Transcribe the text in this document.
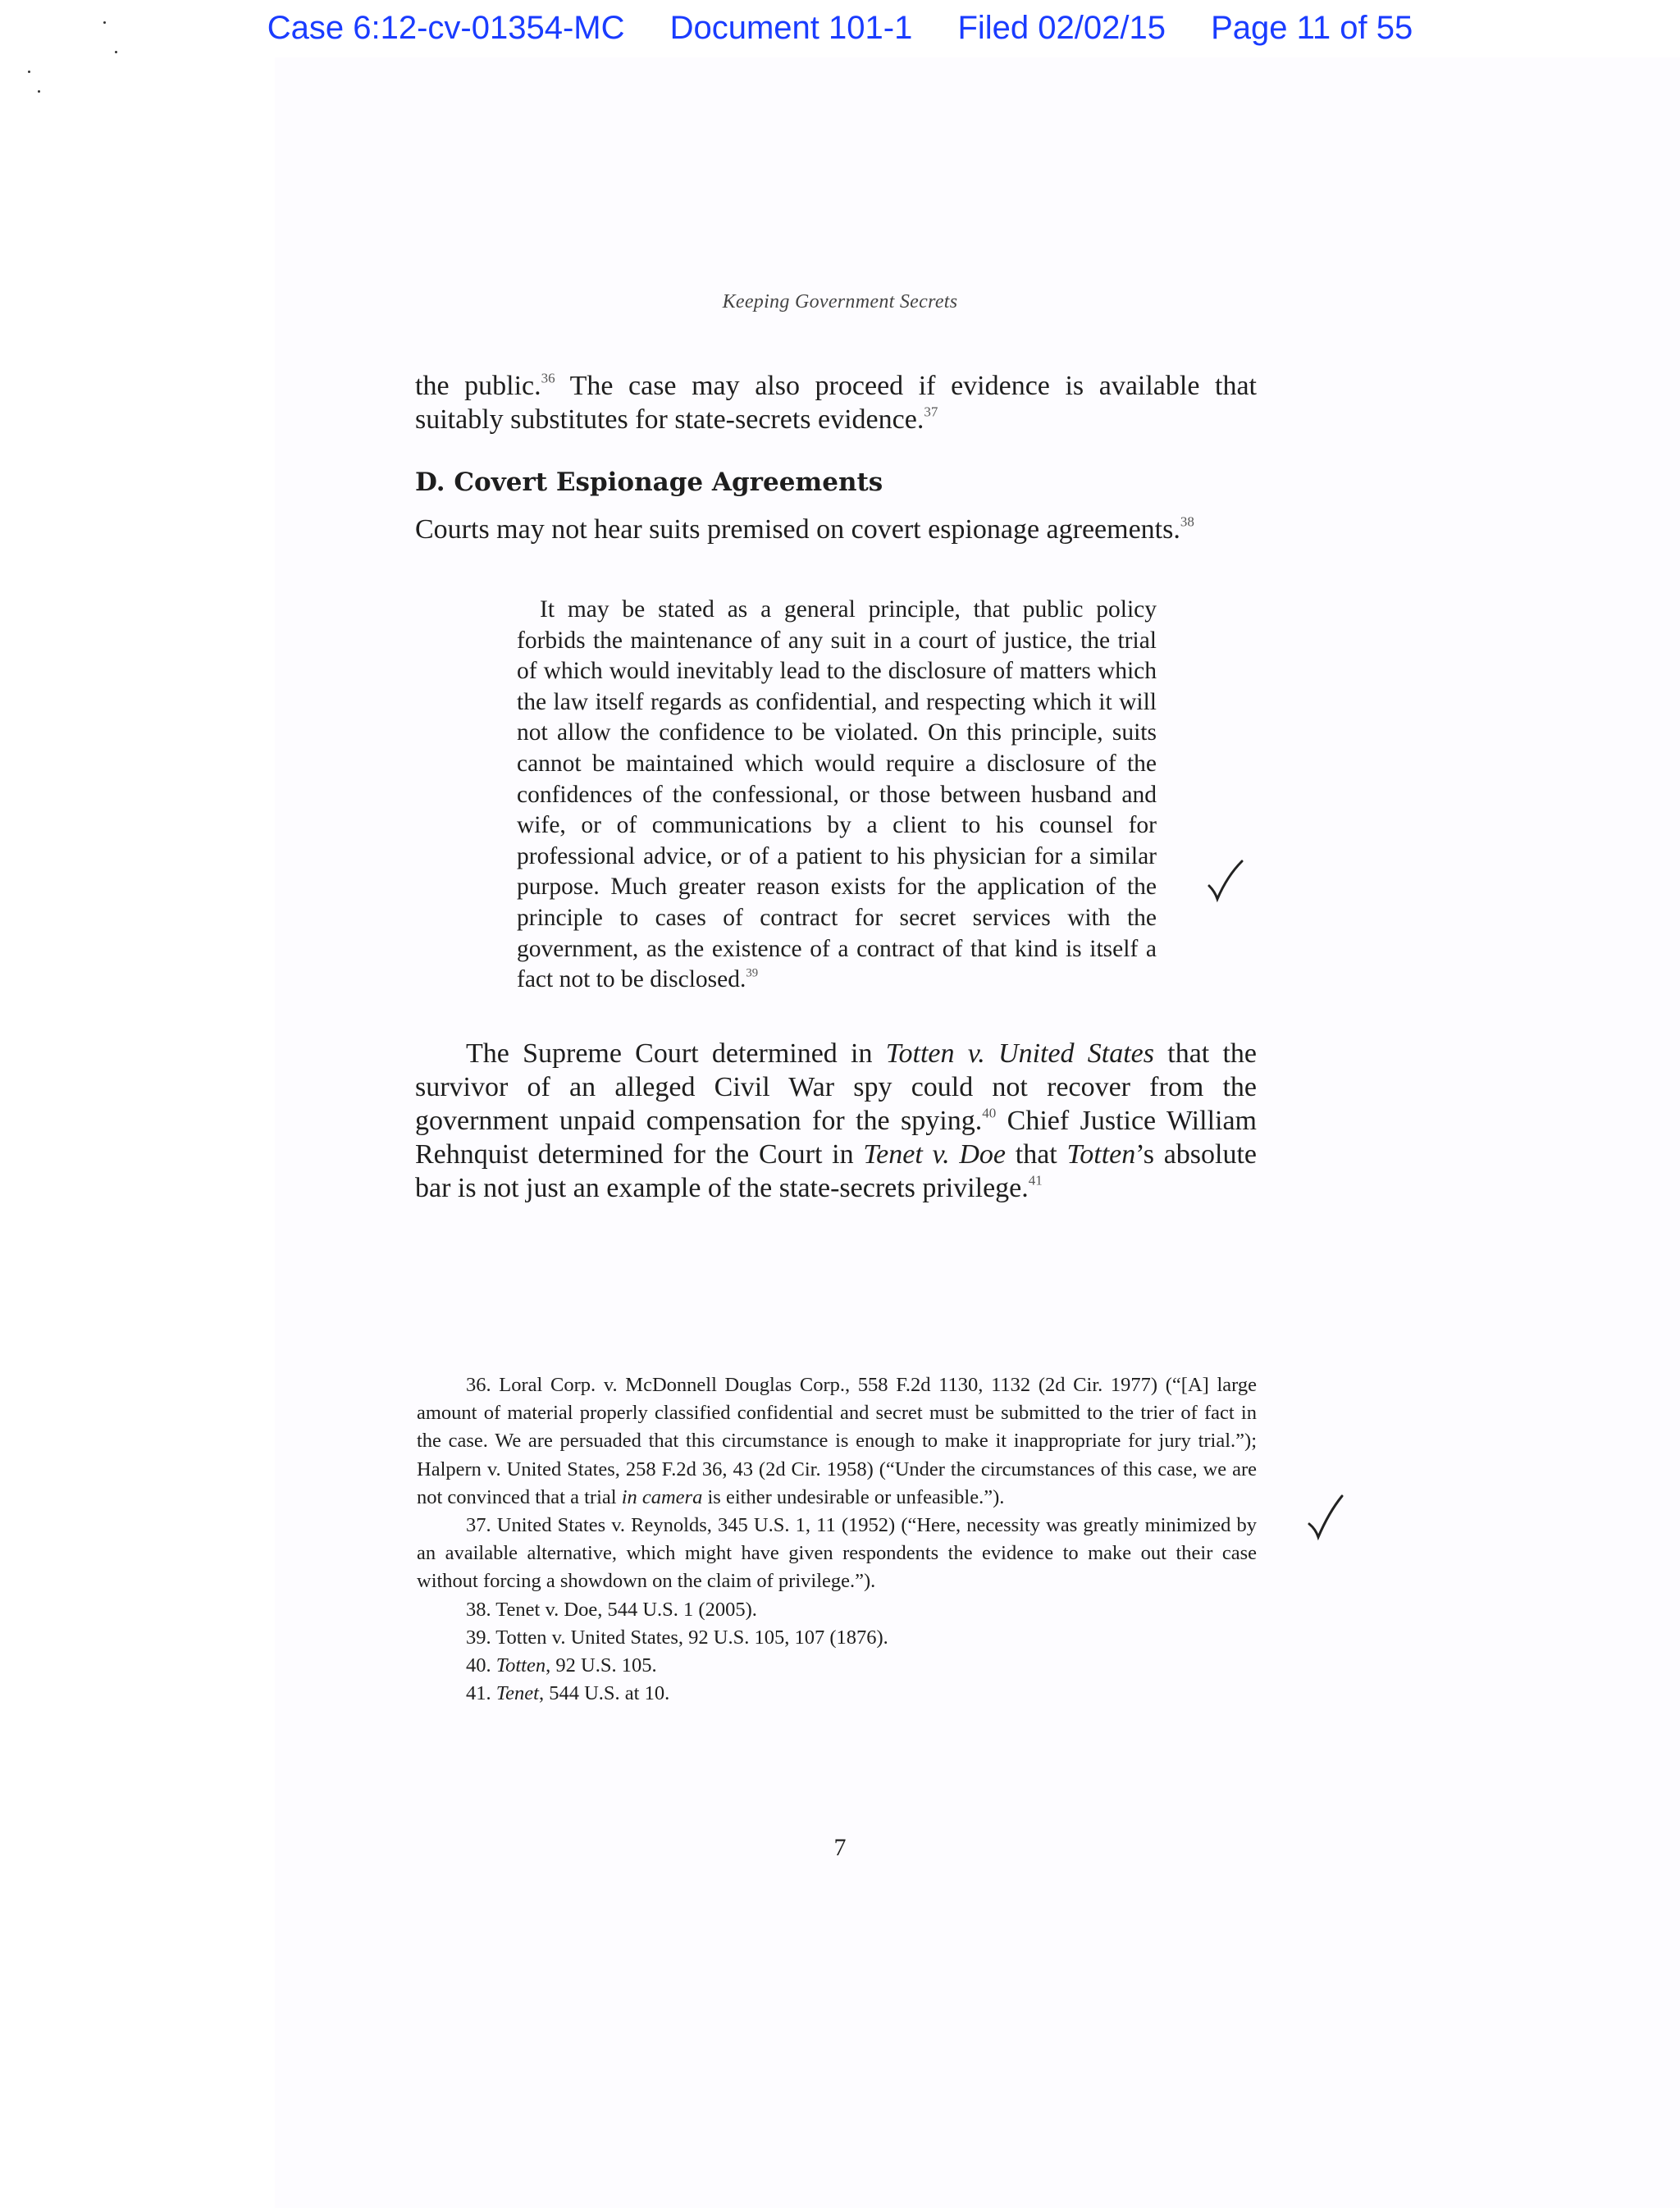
Case 6:12-cv-01354-MC Document 101-1 Filed 02/02/15 Page 11 of 55
Keeping Government Secrets

the public.$^{36}$ The case may also proceed if evidence is available that suitably substitutes for state-secrets evidence.$^{37}$

D. Covert Espionage Agreements

Courts may not hear suits premised on covert espionage agreements.$^{38}$

It may be stated as a general principle, that public policy forbids the maintenance of any suit in a court of justice, the trial of which would inevitably lead to the disclosure of matters which the law itself regards as confidential, and respecting which it will not allow the confidence to be violated. On this principle, suits cannot be maintained which would require a disclosure of the confidences of the confessional, or those between husband and wife, or of communications by a client to his counsel for professional advice, or of a patient to his physician for a similar purpose. Much greater reason exists for the application of the principle to cases of contract for secret services with the government, as the existence of a contract of that kind is itself a fact not to be disclosed.$^{39}$

The Supreme Court determined in Totten v. United States that the survivor of an alleged Civil War spy could not recover from the government unpaid compensation for the spying.$^{40}$ Chief Justice William Rehnquist determined for the Court in Tenet v. Doe that Totten’s absolute bar is not just an example of the state-secrets privilege.$^{41}$

36. Loral Corp. v. McDonnell Douglas Corp., 558 F.2d 1130, 1132 (2d Cir. 1977) (“[A] large amount of material properly classified confidential and secret must be submitted to the trier of fact in the case. We are persuaded that this circumstance is enough to make it inappropriate for jury trial.”); Halpern v. United States, 258 F.2d 36, 43 (2d Cir. 1958) (“Under the circumstances of this case, we are not convinced that a trial in camera is either undesirable or unfeasible.”).

37. United States v. Reynolds, 345 U.S. 1, 11 (1952) (“Here, necessity was greatly minimized by an available alternative, which might have given respondents the evidence to make out their case without forcing a showdown on the claim of privilege.”).

38. Tenet v. Doe, 544 U.S. 1 (2005).

39. Totten v. United States, 92 U.S. 105, 107 (1876).

40. Totten, 92 U.S. 105.

41. Tenet, 544 U.S. at 10.

7
